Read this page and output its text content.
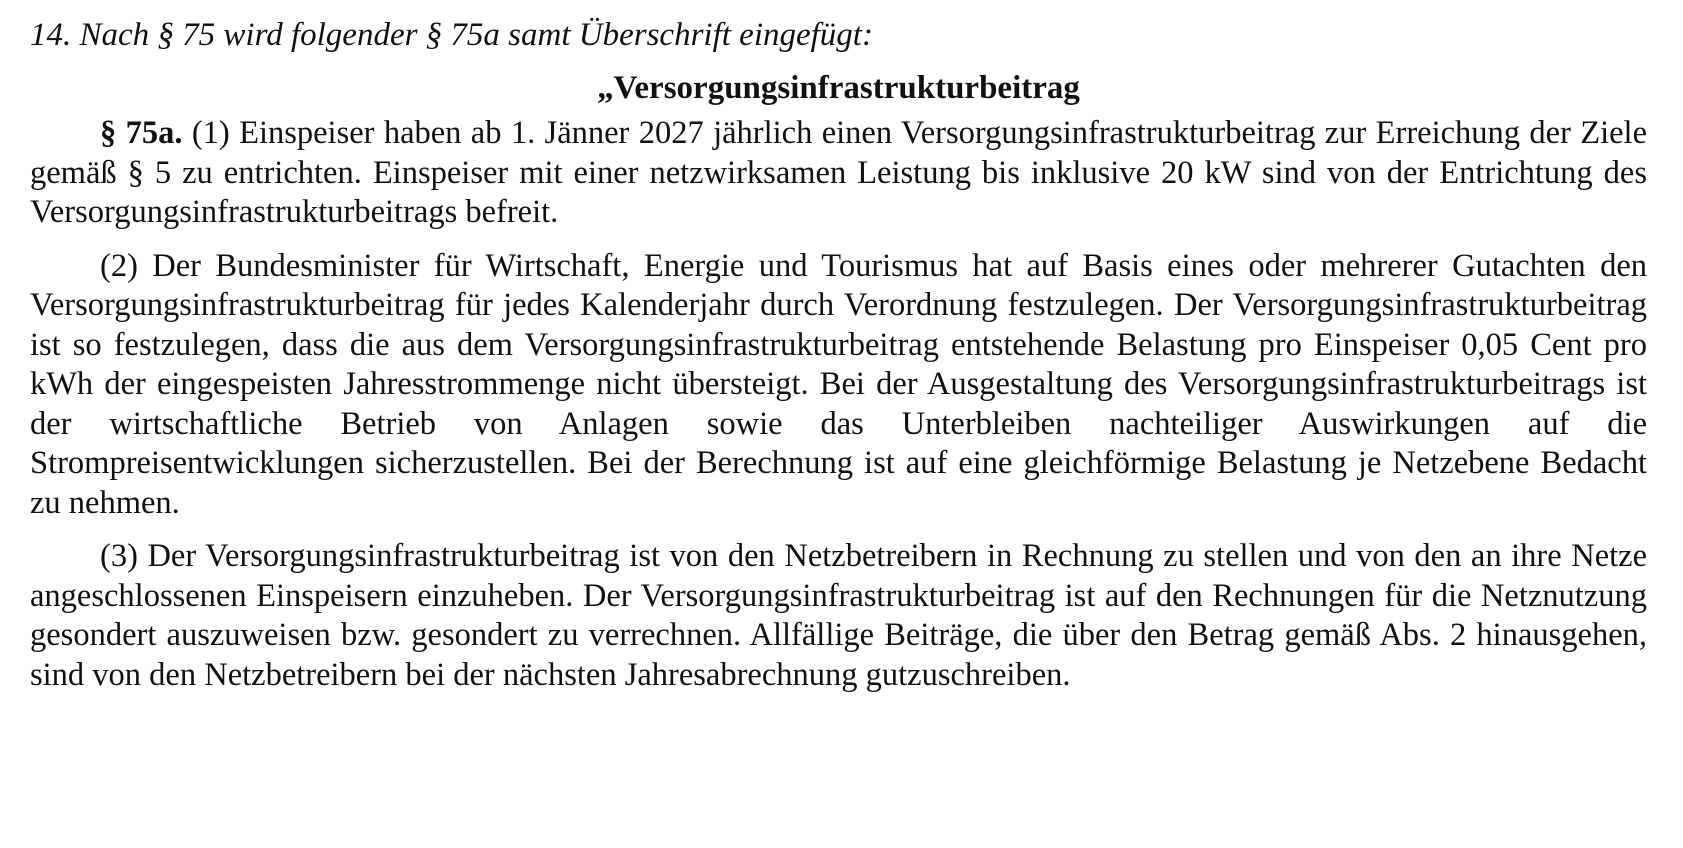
14. Nach § 75 wird folgender § 75a samt Überschrift eingefügt:

„Versorgungsinfrastrukturbeitrag

§ 75a. (1) Einspeiser haben ab 1. Jänner 2027 jährlich einen Versorgungsinfrastrukturbeitrag zur Erreichung der Ziele gemäß § 5 zu entrichten. Einspeiser mit einer netzwirksamen Leistung bis inklusive 20 kW sind von der Entrichtung des Versorgungsinfrastrukturbeitrags befreit.

(2) Der Bundesminister für Wirtschaft, Energie und Tourismus hat auf Basis eines oder mehrerer Gutachten den Versorgungsinfrastrukturbeitrag für jedes Kalenderjahr durch Verordnung festzulegen. Der Versorgungsinfrastrukturbeitrag ist so festzulegen, dass die aus dem Versorgungsinfrastrukturbeitrag entstehende Belastung pro Einspeiser 0,05 Cent pro kWh der eingespeisten Jahresstrommenge nicht übersteigt. Bei der Ausgestaltung des Versorgungsinfrastrukturbeitrags ist der wirtschaftliche Betrieb von Anlagen sowie das Unterbleiben nachteiliger Auswirkungen auf die Strompreisentwicklungen sicherzustellen. Bei der Berechnung ist auf eine gleichförmige Belastung je Netzebene Bedacht zu nehmen.

(3) Der Versorgungsinfrastrukturbeitrag ist von den Netzbetreibern in Rechnung zu stellen und von den an ihre Netze angeschlossenen Einspeisern einzuheben. Der Versorgungsinfrastrukturbeitrag ist auf den Rechnungen für die Netznutzung gesondert auszuweisen bzw. gesondert zu verrechnen. Allfällige Beiträge, die über den Betrag gemäß Abs. 2 hinausgehen, sind von den Netzbetreibern bei der nächsten Jahresabrechnung gutzuschreiben.
